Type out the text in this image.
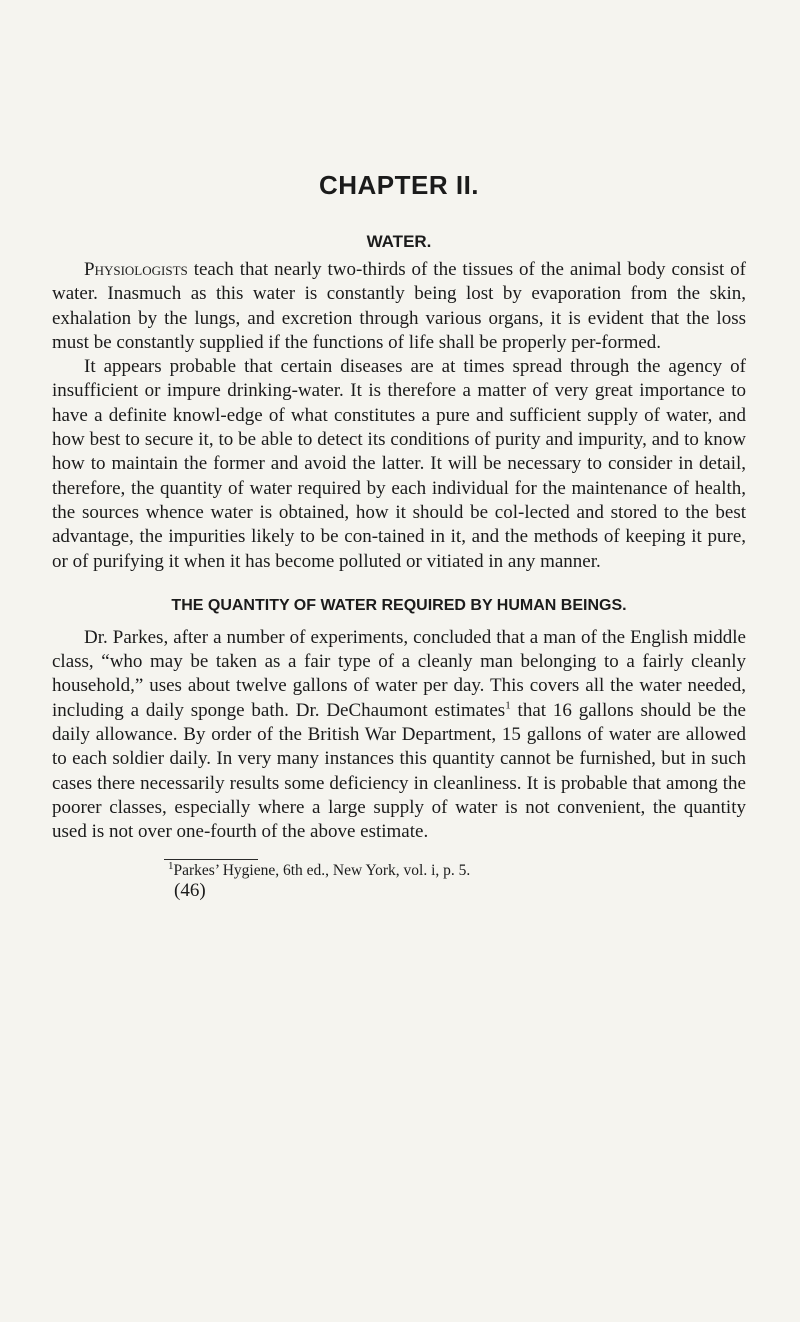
CHAPTER II.
WATER.

Physiologists teach that nearly two-thirds of the tissues of the animal body consist of water. Inasmuch as this water is constantly being lost by evaporation from the skin, exhalation by the lungs, and excretion through various organs, it is evident that the loss must be constantly supplied if the functions of life shall be properly per-formed.

It appears probable that certain diseases are at times spread through the agency of insufficient or impure drinking-water. It is therefore a matter of very great importance to have a definite knowl-edge of what constitutes a pure and sufficient supply of water, and how best to secure it, to be able to detect its conditions of purity and impurity, and to know how to maintain the former and avoid the latter. It will be necessary to consider in detail, therefore, the quantity of water required by each individual for the maintenance of health, the sources whence water is obtained, how it should be col-lected and stored to the best advantage, the impurities likely to be con-tained in it, and the methods of keeping it pure, or of purifying it when it has become polluted or vitiated in any manner.

THE QUANTITY OF WATER REQUIRED BY HUMAN BEINGS.

Dr. Parkes, after a number of experiments, concluded that a man of the English middle class, “who may be taken as a fair type of a cleanly man belonging to a fairly cleanly household,” uses about twelve gallons of water per day. This covers all the water needed, including a daily sponge bath. Dr. DeChaumont estimates$^1$ that 16 gallons should be the daily allowance. By order of the British War Department, 15 gallons of water are allowed to each soldier daily. In very many instances this quantity cannot be furnished, but in such cases there necessarily results some deficiency in cleanliness. It is probable that among the poorer classes, especially where a large supply of water is not convenient, the quantity used is not over one-fourth of the above estimate.

$^1$Parkes’ Hygiene, 6th ed., New York, vol. i, p. 5.
(46)
